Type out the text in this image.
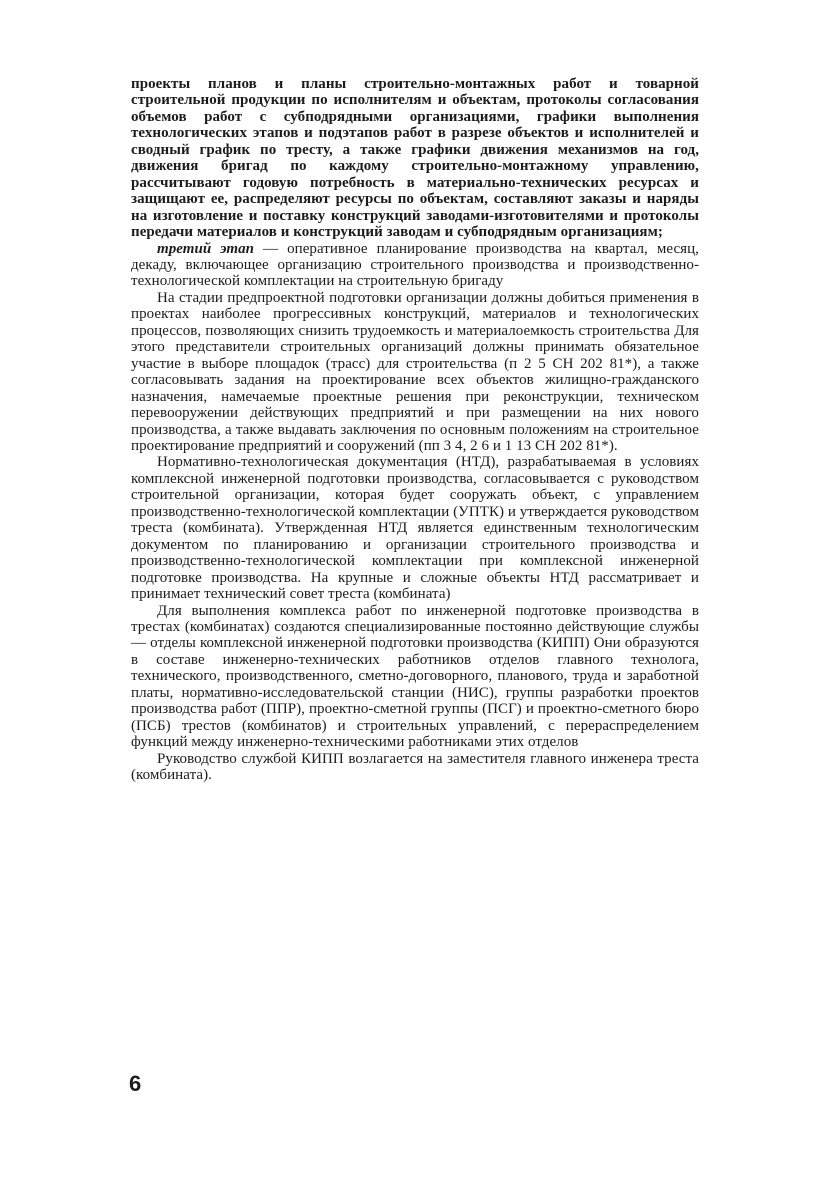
проекты планов и планы строительно-монтажных работ и товарной строительной продукции по исполнителям и объектам, протоколы согласования объемов работ с субподрядными организациями, графики выполнения технологических этапов и подэтапов работ в разрезе объектов и исполнителей и сводный график по тресту, а также графики движения механизмов на год, движения бригад по каждому строительно-монтажному управлению, рассчитывают годовую потребность в материально-технических ресурсах и защищают ее, распределяют ресурсы по объектам, составляют заказы и наряды на изготовление и поставку конструкций заводами-изготовителями и протоколы передачи материалов и конструкций заводам и субподрядным организациям;

третий этап — оперативное планирование производства на квартал, месяц, декаду, включающее организацию строительного производства и производственно-технологической комплектации на строительную бригаду

На стадии предпроектной подготовки организации должны добиться применения в проектах наиболее прогрессивных конструкций, материалов и технологических процессов, позволяющих снизить трудоемкость и материалоемкость строительства Для этого представители строительных организаций должны принимать обязательное участие в выборе площадок (трасс) для строительства (п 2 5 СН 202 81*), а также согласовывать задания на проектирование всех объектов жилищно-гражданского назначения, намечаемые проектные решения при реконструкции, техническом перевооружении действующих предприятий и при размещении на них нового производства, а также выдавать заключения по основным положениям на строительное проектирование предприятий и сооружений (пп 3 4, 2 6 и 1 13 СН 202 81*).

Нормативно-технологическая документация (НТД), разрабатываемая в условиях комплексной инженерной подготовки производства, согласовывается с руководством строительной организации, которая будет сооружать объект, с управлением производственно-технологической комплектации (УПТК) и утверждается руководством треста (комбината). Утвержденная НТД является единственным технологическим документом по планированию и организации строительного производства и производственно-технологической комплектации при комплексной инженерной подготовке производства. На крупные и сложные объекты НТД рассматривает и принимает технический совет треста (комбината)

Для выполнения комплекса работ по инженерной подготовке производства в трестах (комбинатах) создаются специализированные постоянно действующие службы — отделы комплексной инженерной подготовки производства (КИПП) Они образуются в составе инженерно-технических работников отделов главного технолога, технического, производственного, сметно-договорного, планового, труда и заработной платы, нормативно-исследовательской станции (НИС), группы разработки проектов производства работ (ППР), проектно-сметной группы (ПСГ) и проектно-сметного бюро (ПСБ) трестов (комбинатов) и строительных управлений, с перераспределением функций между инженерно-техническими работниками этих отделов

Руководство службой КИПП возлагается на заместителя главного инженера треста (комбината).

6
